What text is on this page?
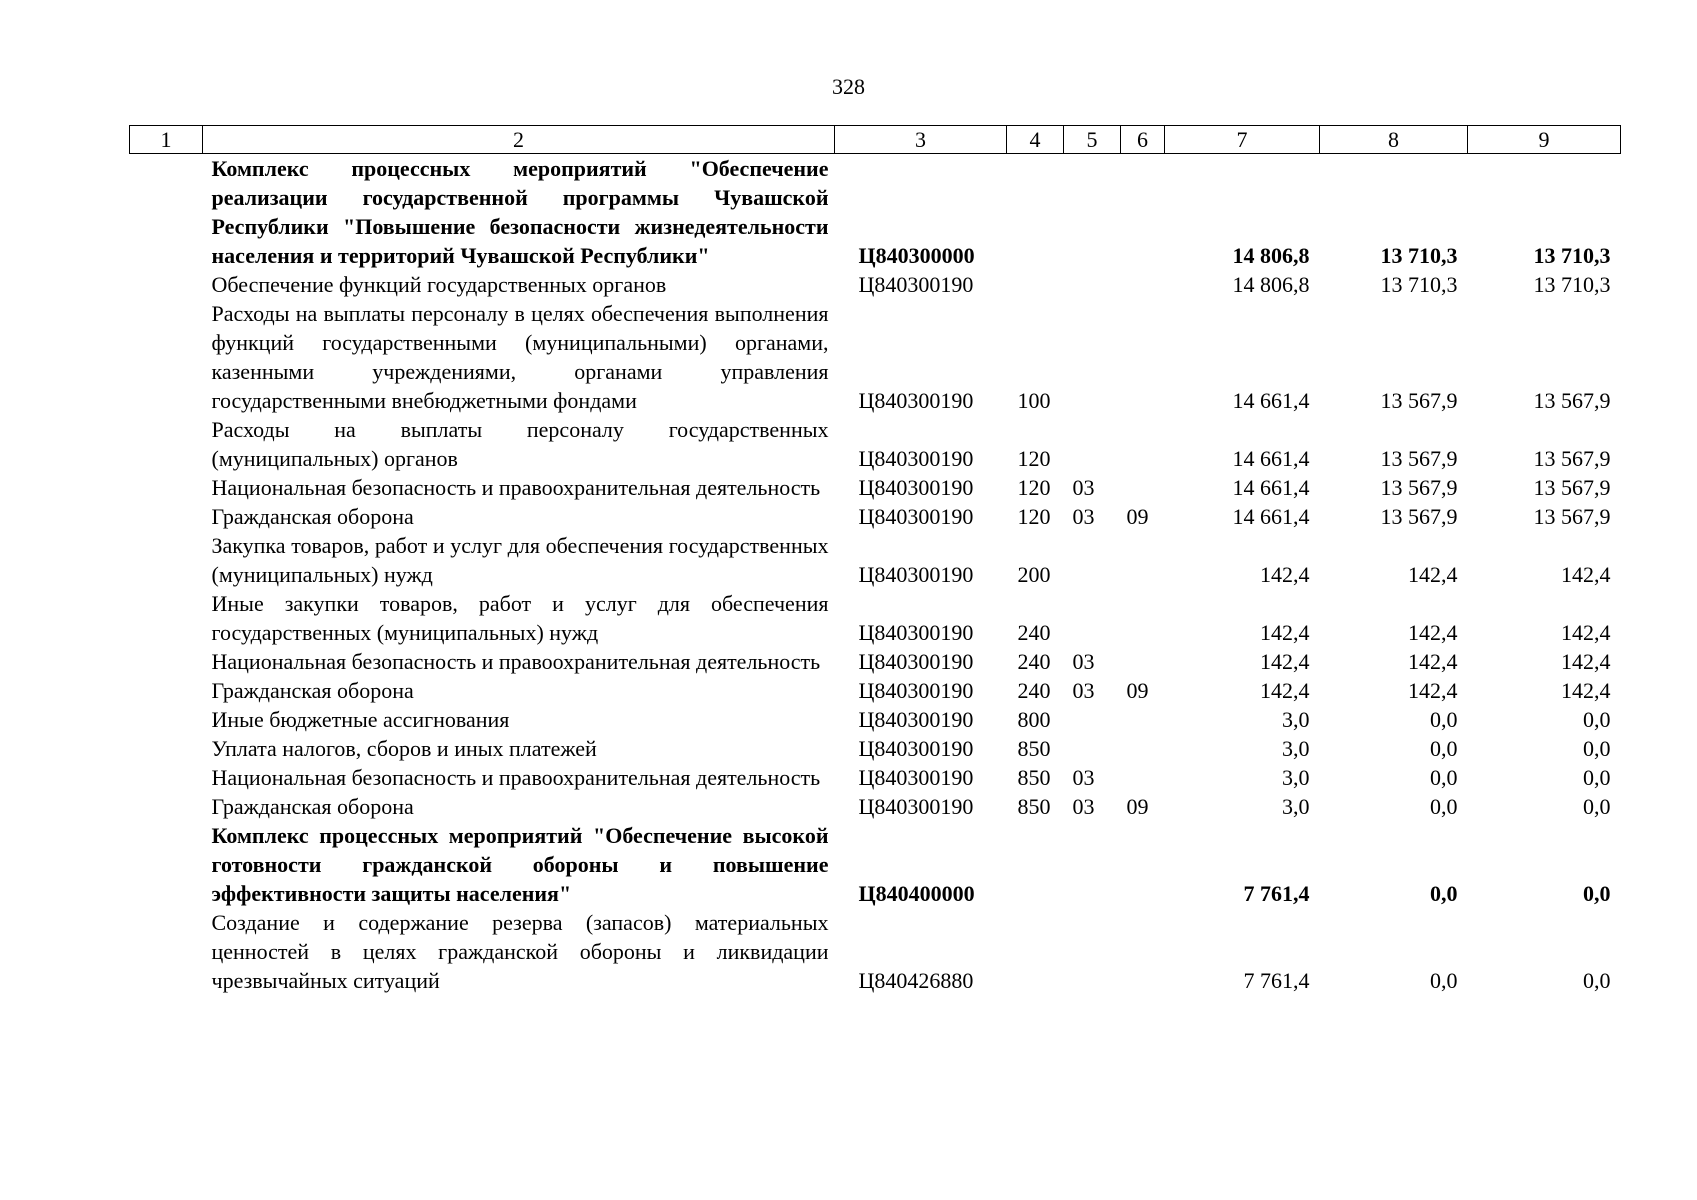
328
1	2	3	4	5	6	7	8	9
	Комплекс процессных мероприятий "Обеспечение реализации государственной программы Чувашской Республики "Повышение безопасности жизнедеятельности населения и территорий Чувашской Республики"	Ц840300000				14 806,8	13 710,3	13 710,3
	Обеспечение функций государственных органов	Ц840300190				14 806,8	13 710,3	13 710,3
	Расходы на выплаты персоналу в целях обеспечения выполнения функций государственными (муниципальными) органами, казенными учреждениями, органами управления государственными внебюджетными фондами	Ц840300190	100			14 661,4	13 567,9	13 567,9
	Расходы на выплаты персоналу государственных (муниципальных) органов	Ц840300190	120			14 661,4	13 567,9	13 567,9
	Национальная безопасность и правоохранительная деятельность	Ц840300190	120	03		14 661,4	13 567,9	13 567,9
	Гражданская оборона	Ц840300190	120	03	09	14 661,4	13 567,9	13 567,9
	Закупка товаров, работ и услуг для обеспечения государственных (муниципальных) нужд	Ц840300190	200			142,4	142,4	142,4
	Иные закупки товаров, работ и услуг для обеспечения государственных (муниципальных) нужд	Ц840300190	240			142,4	142,4	142,4
	Национальная безопасность и правоохранительная деятельность	Ц840300190	240	03		142,4	142,4	142,4
	Гражданская оборона	Ц840300190	240	03	09	142,4	142,4	142,4
	Иные бюджетные ассигнования	Ц840300190	800			3,0	0,0	0,0
	Уплата налогов, сборов и иных платежей	Ц840300190	850			3,0	0,0	0,0
	Национальная безопасность и правоохранительная деятельность	Ц840300190	850	03		3,0	0,0	0,0
	Гражданская оборона	Ц840300190	850	03	09	3,0	0,0	0,0
	Комплекс процессных мероприятий "Обеспечение высокой готовности гражданской обороны и повышение эффективности защиты населения"	Ц840400000				7 761,4	0,0	0,0
	Создание и содержание резерва (запасов) материальных ценностей в целях гражданской обороны и ликвидации чрезвычайных ситуаций	Ц840426880				7 761,4	0,0	0,0
